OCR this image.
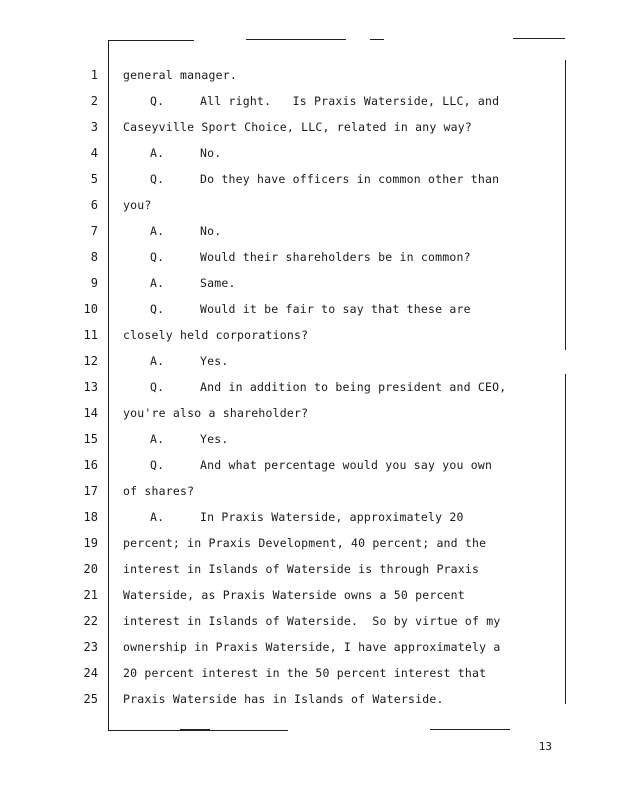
1 general manager.
2	Q.	All right.   Is Praxis Waterside, LLC, and
3 Caseyville Sport Choice, LLC, related in any way?
4	A.	No.
5	Q.	Do they have officers in common other than
6 you?
7	A.	No.
8	Q.	Would their shareholders be in common?
9	A.	Same.
10	Q.	Would it be fair to say that these are
11 closely held corporations?
12	A.	Yes.
13	Q.	And in addition to being president and CEO,
14 you're also a shareholder?
15	A.	Yes.
16	Q.	And what percentage would you say you own
17 of shares?
18	A.	In Praxis Waterside, approximately 20
19 percent; in Praxis Development, 40 percent; and the
20 interest in Islands of Waterside is through Praxis
21 Waterside, as Praxis Waterside owns a 50 percent
22 interest in Islands of Waterside.  So by virtue of my
23 ownership in Praxis Waterside, I have approximately a
24 20 percent interest in the 50 percent interest that
25 Praxis Waterside has in Islands of Waterside.
13
